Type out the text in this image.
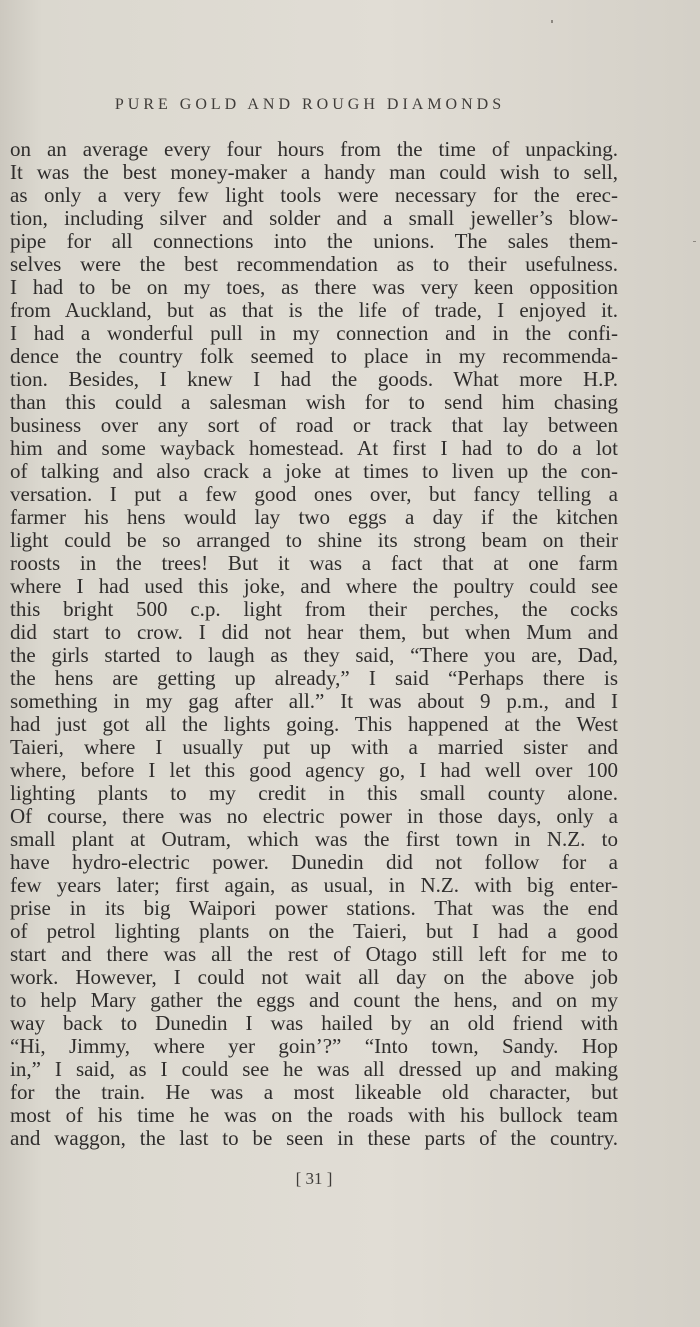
PURE GOLD AND ROUGH DIAMONDS
on an average every four hours from the time of unpacking.
It was the best money-maker a handy man could wish to sell,
as only a very few light tools were necessary for the erec-
tion, including silver and solder and a small jeweller’s blow-
pipe for all connections into the unions. The sales them-
selves were the best recommendation as to their usefulness.
I had to be on my toes, as there was very keen opposition
from Auckland, but as that is the life of trade, I enjoyed it.
I had a wonderful pull in my connection and in the confi-
dence the country folk seemed to place in my recommenda-
tion. Besides, I knew I had the goods. What more H.P.
than this could a salesman wish for to send him chasing
business over any sort of road or track that lay between
him and some wayback homestead. At first I had to do a lot
of talking and also crack a joke at times to liven up the con-
versation. I put a few good ones over, but fancy telling a
farmer his hens would lay two eggs a day if the kitchen
light could be so arranged to shine its strong beam on their
roosts in the trees! But it was a fact that at one farm
where I had used this joke, and where the poultry could see
this bright 500 c.p. light from their perches, the cocks
did start to crow. I did not hear them, but when Mum and
the girls started to laugh as they said, “There you are, Dad,
the hens are getting up already,” I said “Perhaps there is
something in my gag after all.” It was about 9 p.m., and I
had just got all the lights going. This happened at the West
Taieri, where I usually put up with a married sister and
where, before I let this good agency go, I had well over 100
lighting plants to my credit in this small county alone.
Of course, there was no electric power in those days, only a
small plant at Outram, which was the first town in N.Z. to
have hydro-electric power. Dunedin did not follow for a
few years later; first again, as usual, in N.Z. with big enter-
prise in its big Waipori power stations. That was the end
of petrol lighting plants on the Taieri, but I had a good
start and there was all the rest of Otago still left for me to
work. However, I could not wait all day on the above job
to help Mary gather the eggs and count the hens, and on my
way back to Dunedin I was hailed by an old friend with
“Hi, Jimmy, where yer goin’?” “Into town, Sandy. Hop
in,” I said, as I could see he was all dressed up and making
for the train. He was a most likeable old character, but
most of his time he was on the roads with his bullock team
and waggon, the last to be seen in these parts of the country.
[ 31 ]
